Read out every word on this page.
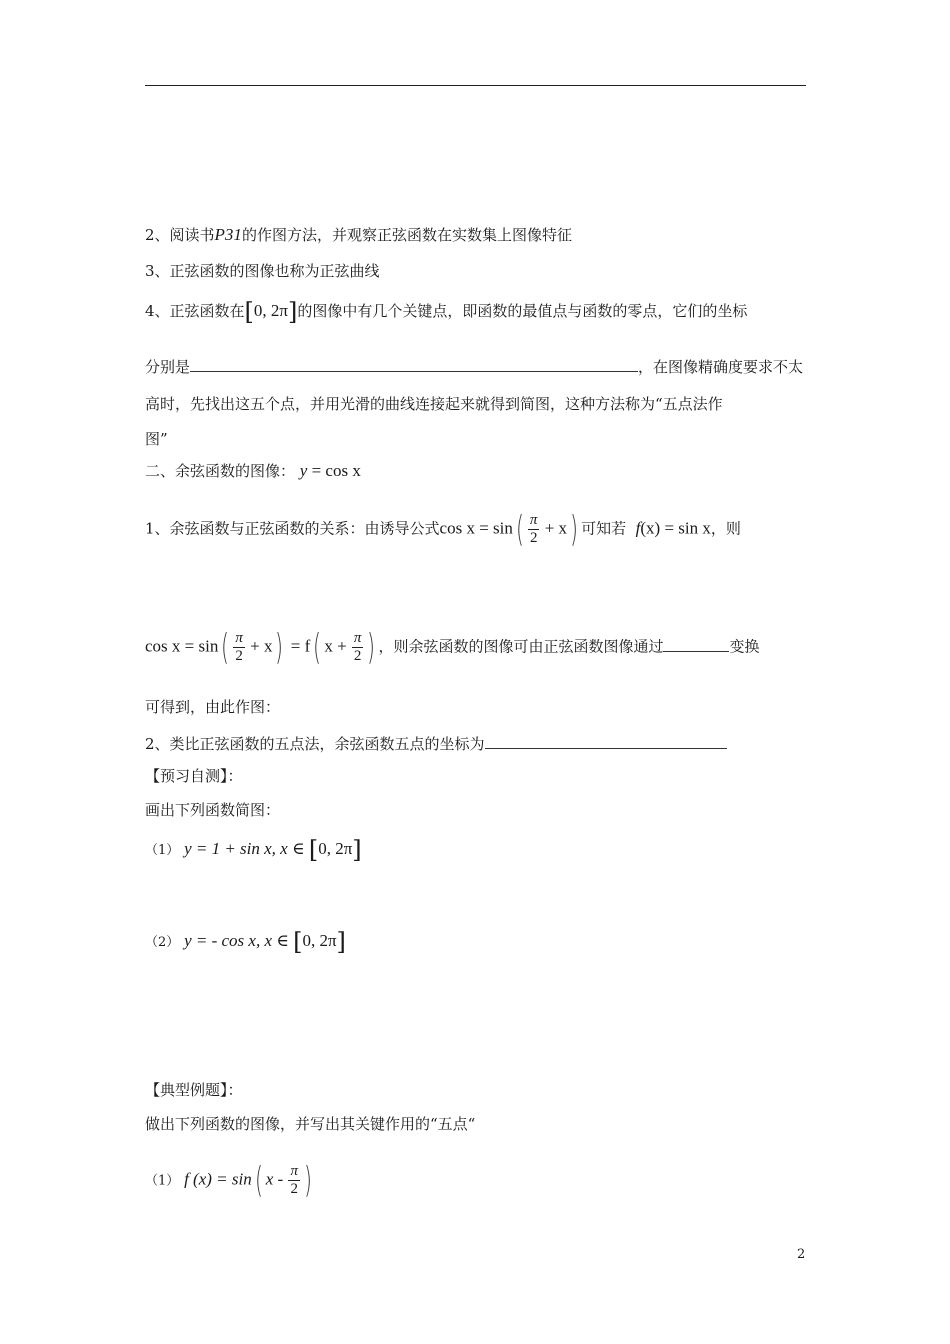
2、阅读书P31的作图方法，并观察正弦函数在实数集上图像特征
3、正弦函数的图像也称为正弦曲线
4、正弦函数在[0, 2π]的图像中有几个关键点，即函数的最值点与函数的零点，它们的坐标
分别是	，在图像精确度要求不太
高时，先找出这五个点，并用光滑的曲线连接起来就得到简图，这种方法称为“五点法作
图”
二、余弦函数的图像： y = cos x
1、余弦函数与正弦函数的关系：由诱导公式$\cos x = \sin( \frac{\pi}{2} + x)$ 可知若 f(x) = sin x，则
$\cos x = \sin( \frac{\pi}{2} + x) = f$( $x + \frac{\pi}{2}$ ) ，则余弦函数的图像可由正弦函数图像通过	变换
可得到，由此作图：
2、类比正弦函数的五点法，余弦函数五点的坐标为
【预习自测】：
画出下列函数简图：
（1） y = 1 + sin x, x ∈ [0, 2π]
（2） y = - cos x, x ∈ [0, 2π]
【典型例题】：
做出下列函数的图像，并写出其关键作用的“五点“
（1） f (x) = sin( x - $\frac{\pi}{2}$ )
2
